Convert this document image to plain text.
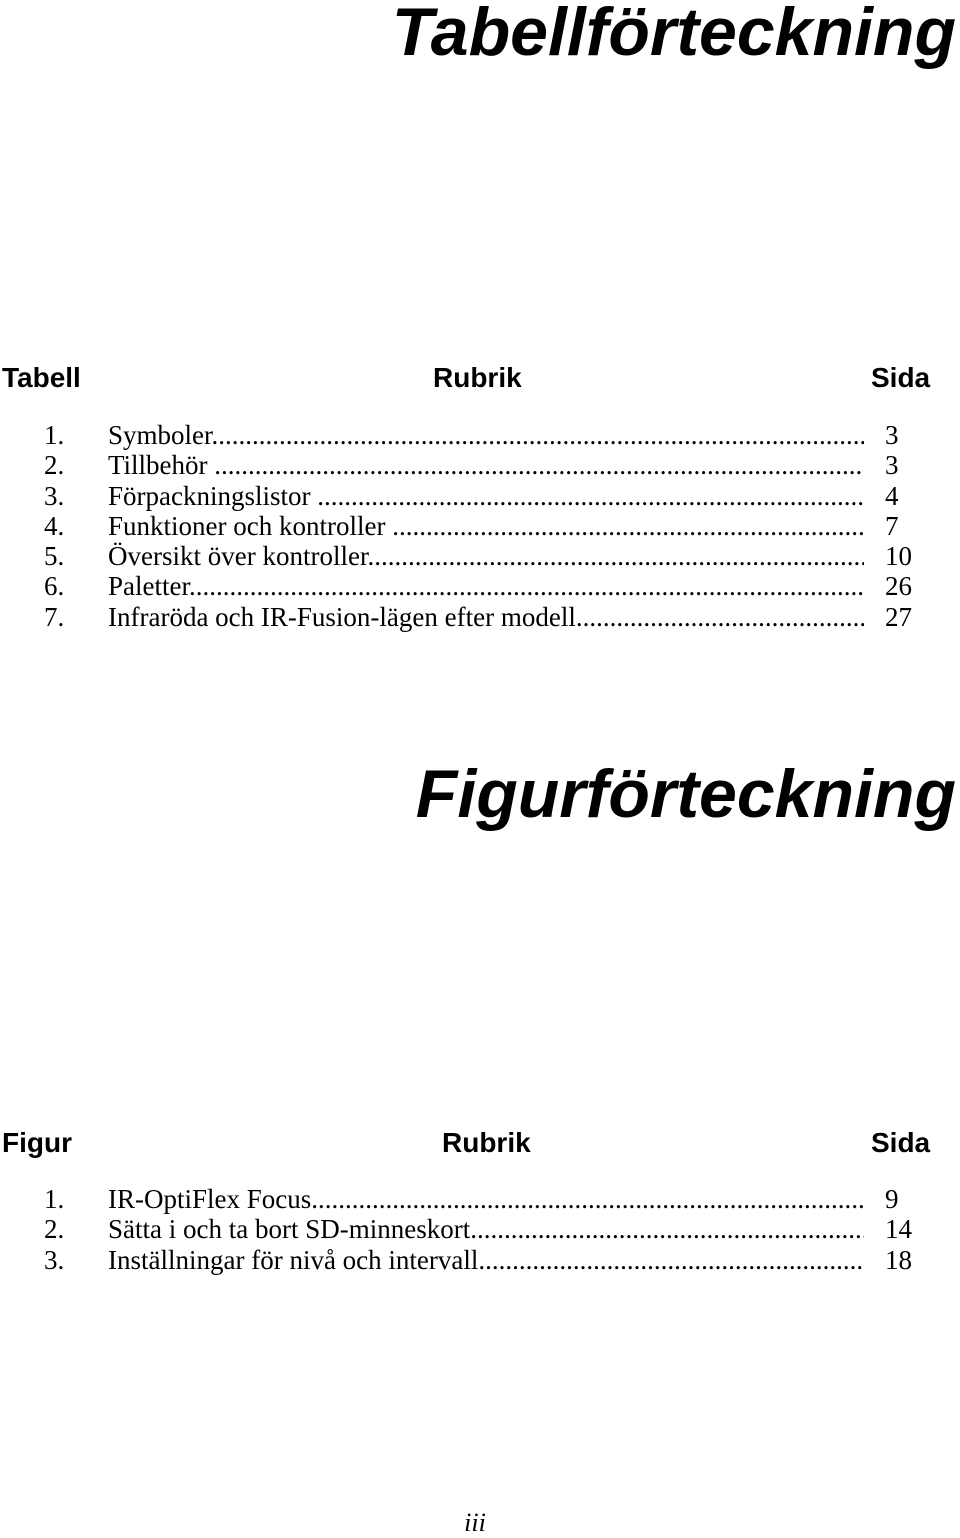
Tabellförteckning
Tabell	Rubrik	Sida
1. Symboler .....	3
2. Tillbehör .....	3
3. Förpackningslistor .....	4
4. Funktioner och kontroller .....	7
5. Översikt över kontroller .....	10
6. Paletter .....	26
7. Infraröda och IR-Fusion-lägen efter modell .....	27
Figurförteckning
Figur	Rubrik	Sida
1. IR-OptiFlex Focus .....	9
2. Sätta i och ta bort SD-minneskort .....	14
3. Inställningar för nivå och intervall .....	18
iii
